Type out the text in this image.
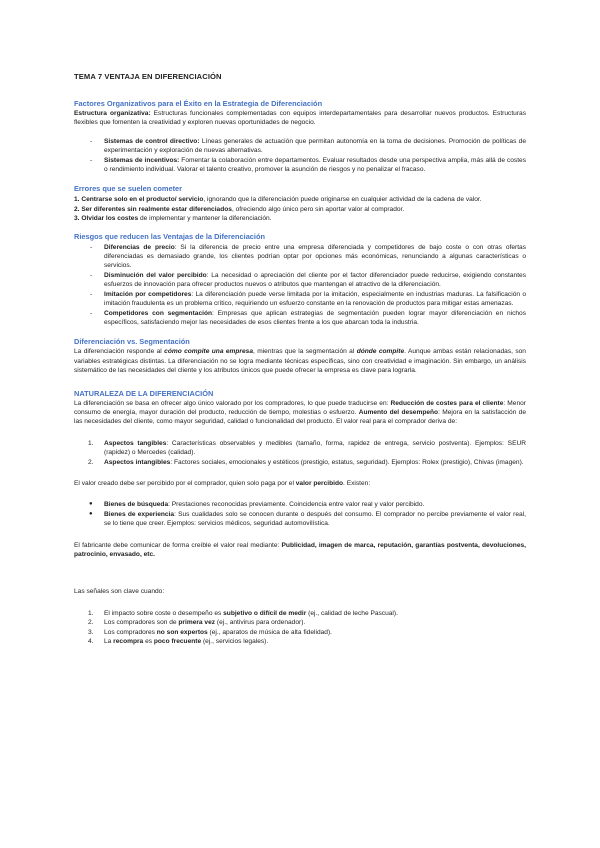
TEMA 7 VENTAJA EN DIFERENCIACIÓN
Factores Organizativos para el Éxito en la Estrategia de Diferenciación

Estructura organizativa: Estructuras funcionales complementadas con equipos interdepartamentales para desarrollar nuevos productos. Estructuras flexibles que fomenten la creatividad y exploren nuevas oportunidades de negocio.

- Sistemas de control directivo: Líneas generales de actuación que permitan autonomía en la toma de decisiones. Promoción de políticas de experimentación y exploración de nuevas alternativas.
- Sistemas de incentivos: Fomentar la colaboración entre departamentos. Evaluar resultados desde una perspectiva amplia, más allá de costes o rendimiento individual. Valorar el talento creativo, promover la asunción de riesgos y no penalizar el fracaso.
Errores que se suelen cometer
1. Centrarse solo en el producto/ servicio, ignorando que la diferenciación puede originarse en cualquier actividad de la cadena de valor.
2. Ser diferentes sin realmente estar diferenciados, ofreciendo algo único pero sin aportar valor al comprador.
3. Olvidar los costes de implementar y mantener la diferenciación.
Riesgos que reducen las Ventajas de la Diferenciación
- Diferencias de precio: Si la diferencia de precio entre una empresa diferenciada y competidores de bajo coste o con otras ofertas diferenciadas es demasiado grande, los clientes podrían optar por opciones más económicas, renunciando a algunas características o servicios.
- Disminución del valor percibido: La necesidad o apreciación del cliente por el factor diferenciador puede reducirse, exigiendo constantes esfuerzos de innovación para ofrecer productos nuevos o atributos que mantengan el atractivo de la diferenciación.
- Imitación por competidores: La diferenciación puede verse limitada por la imitación, especialmente en industrias maduras. La falsificación o imitación fraudulenta es un problema crítico, requiriendo un esfuerzo constante en la renovación de productos para mitigar estas amenazas.
- Competidores con segmentación: Empresas que aplican estrategias de segmentación pueden lograr mayor diferenciación en nichos específicos, satisfaciendo mejor las necesidades de esos clientes frente a los que abarcan toda la industria.
Diferenciación vs. Segmentación

La diferenciación responde al cómo compite una empresa, mientras que la segmentación al dónde compite. Aunque ambas están relacionadas, son variables estratégicas distintas. La diferenciación no se logra mediante técnicas específicas, sino con creatividad e imaginación. Sin embargo, un análisis sistemático de las necesidades del cliente y los atributos únicos que puede ofrecer la empresa es clave para lograrla.

NATURALEZA DE LA DIFERENCIACIÓN

La diferenciación se basa en ofrecer algo único valorado por los compradores, lo que puede traducirse en: Reducción de costes para el cliente: Menor consumo de energía, mayor duración del producto, reducción de tiempo, molestias o esfuerzo. Aumento del desempeño: Mejora en la satisfacción de las necesidades del cliente, como mayor seguridad, calidad o funcionalidad del producto. El valor real para el comprador deriva de:

1. Aspectos tangibles: Características observables y medibles (tamaño, forma, rapidez de entrega, servicio postventa). Ejemplos: SEUR (rapidez) o Mercedes (calidad).
2. Aspectos intangibles: Factores sociales, emocionales y estéticos (prestigio, estatus, seguridad). Ejemplos: Rolex (prestigio), Chivas (imagen).

El valor creado debe ser percibido por el comprador, quien solo paga por el valor percibido. Existen:

● Bienes de búsqueda: Prestaciones reconocidas previamente. Coincidencia entre valor real y valor percibido.
● Bienes de experiencia: Sus cualidades solo se conocen durante o después del consumo. El comprador no percibe previamente el valor real, se lo tiene que creer. Ejemplos: servicios médicos, seguridad automovilística.

El fabricante debe comunicar de forma creíble el valor real mediante: Publicidad, imagen de marca, reputación, garantías postventa, devoluciones, patrocinio, envasado, etc.

Las señales son clave cuando:

1. El impacto sobre coste o desempeño es subjetivo o difícil de medir (ej., calidad de leche Pascual).
2. Los compradores son de primera vez (ej., antivirus para ordenador).
3. Los compradores no son expertos (ej., aparatos de música de alta fidelidad).
4. La recompra es poco frecuente (ej., servicios legales).
